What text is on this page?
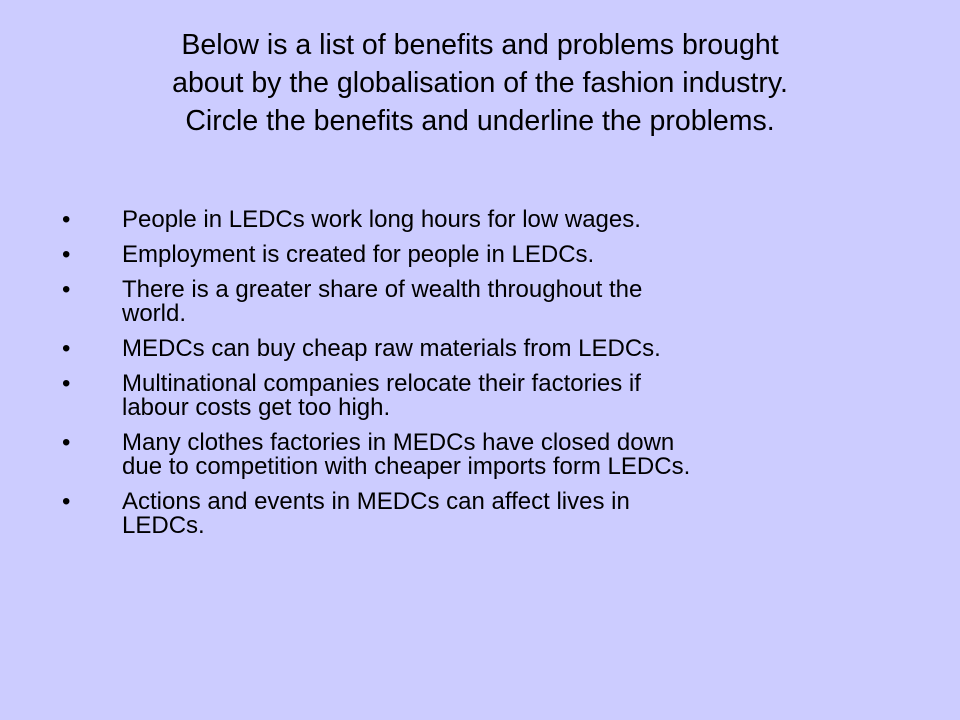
Below is a list of benefits and problems brought
about by the globalisation of the fashion industry.
Circle the benefits and underline the problems.
• People in LEDCs work long hours for low wages.
• Employment is created for people in LEDCs.
• There is a greater share of wealth throughout the
world.
• MEDCs can buy cheap raw materials from LEDCs.
• Multinational companies relocate their factories if
labour costs get too high.
• Many clothes factories in MEDCs have closed down
due to competition with cheaper imports form LEDCs.
• Actions and events in MEDCs can affect lives in
LEDCs.
